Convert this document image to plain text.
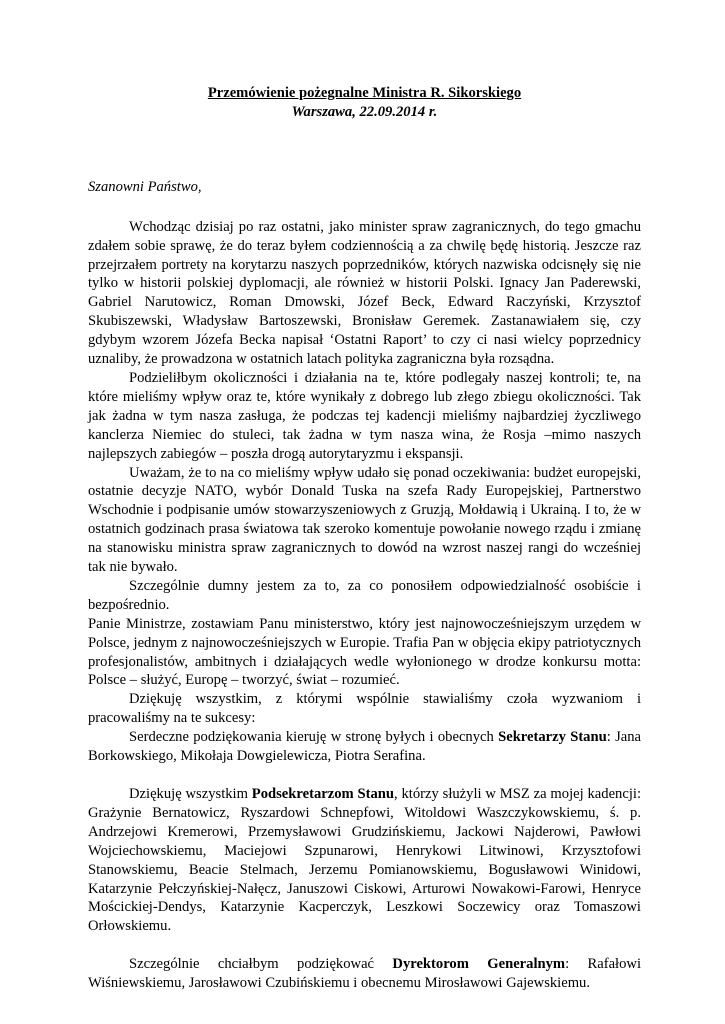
Przemówienie pożegnalne Ministra R. Sikorskiego
Warszawa, 22.09.2014 r.
Szanowni Państwo,

Wchodząc dzisiaj po raz ostatni, jako minister spraw zagranicznych, do tego gmachu zdałem sobie sprawę, że do teraz byłem codziennością a za chwilę będę historią. Jeszcze raz przejrzałem portrety na korytarzu naszych poprzedników, których nazwiska odcisnęły się nie tylko w historii polskiej dyplomacji, ale również w historii Polski. Ignacy Jan Paderewski, Gabriel Narutowicz, Roman Dmowski, Józef Beck, Edward Raczyński, Krzysztof Skubiszewski, Władysław Bartoszewski, Bronisław Geremek. Zastanawiałem się, czy gdybym wzorem Józefa Becka napisał ‘Ostatni Raport’ to czy ci nasi wielcy poprzednicy uznaliby, że prowadzona w ostatnich latach polityka zagraniczna była rozsądna.

Podzieliłbym okoliczności i działania na te, które podlegały naszej kontroli; te, na które mieliśmy wpływ oraz te, które wynikały z dobrego lub złego zbiegu okoliczności. Tak jak żadna w tym nasza zasługa, że podczas tej kadencji mieliśmy najbardziej życzliwego kanclerza Niemiec do stuleci, tak żadna w tym nasza wina, że Rosja –mimo naszych najlepszych zabiegów – poszła drogą autorytaryzmu i ekspansji.

Uważam, że to na co mieliśmy wpływ udało się ponad oczekiwania: budżet europejski, ostatnie decyzje NATO, wybór Donald Tuska na szefa Rady Europejskiej, Partnerstwo Wschodnie i podpisanie umów stowarzyszeniowych z Gruzją, Mołdawią i Ukrainą. I to, że w ostatnich godzinach prasa światowa tak szeroko komentuje powołanie nowego rządu i zmianę na stanowisku ministra spraw zagranicznych to dowód na wzrost naszej rangi do wcześniej tak nie bywało.

Szczególnie dumny jestem za to, za co ponosiłem odpowiedzialność osobiście i bezpośrednio.

Panie Ministrze, zostawiam Panu ministerstwo, który jest najnowocześniejszym urzędem w Polsce, jednym z najnowocześniejszych w Europie. Trafia Pan w objęcia ekipy patriotycznych profesjonalistów, ambitnych i działających wedle wyłonionego w drodze konkursu motta: Polsce – służyć, Europę – tworzyć, świat – rozumieć.

Dziękuję wszystkim, z którymi wspólnie stawialiśmy czoła wyzwaniom i pracowaliśmy na te sukcesy:

Serdeczne podziękowania kieruję w stronę byłych i obecnych Sekretarzy Stanu: Jana Borkowskiego, Mikołaja Dowgielewicza, Piotra Serafina.

Dziękuję wszystkim Podsekretarzom Stanu, którzy służyli w MSZ za mojej kadencji: Grażynie Bernatowicz, Ryszardowi Schnepfowi, Witoldowi Waszczykowskiemu, ś. p. Andrzejowi Kremerowi, Przemysławowi Grudzińskiemu, Jackowi Najderowi, Pawłowi Wojciechowskiemu, Maciejowi Szpunarowi, Henrykowi Litwinowi, Krzysztofowi Stanowskiemu, Beacie Stelmach, Jerzemu Pomianowskiemu, Bogusławowi Winidowi, Katarzynie Pełczyńskiej-Nałęcz, Januszowi Ciskowi, Arturowi Nowakowi-Farowi, Henryce Mościckiej-Dendys, Katarzynie Kacperczyk, Leszkowi Soczewicy oraz Tomaszowi Orłowskiemu.

Szczególnie chciałbym podziękować Dyrektorom Generalnym: Rafałowi Wiśniewskiemu, Jarosławowi Czubińskiemu i obecnemu Mirosławowi Gajewskiemu.
